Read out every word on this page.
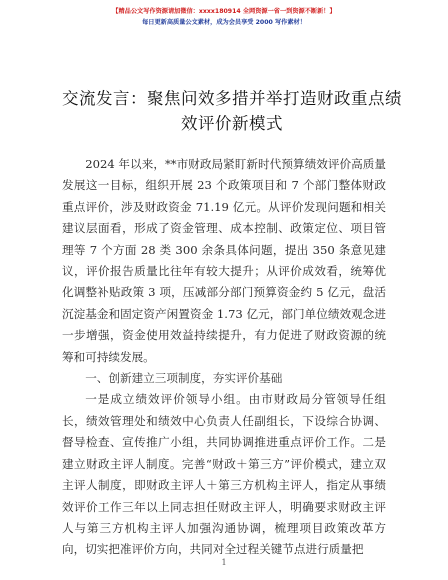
【精品公文写作资源请加微信：xxxx180914 全网资源一省一到资源不断新！】
每日更新高质量公文素材，成为会员享受 2000 写作素材！
交流发言：聚焦问效多措并举打造财政重点绩效评价新模式

2024 年以来，**市财政局紧盯新时代预算绩效评价高质量发展这一目标，组织开展 23 个政策项目和 7 个部门整体财政重点评价，涉及财政资金 71.19 亿元。从评价发现问题和相关建议层面看，形成了资金管理、成本控制、政策定位、项目管理等 7 个方面 28 类 300 余条具体问题，提出 350 条意见建议，评价报告质量比往年有较大提升；从评价成效看，统筹优化调整补贴政策 3 项，压减部分部门预算资金约 5 亿元，盘活沉淀基金和固定资产闲置资金 1.73 亿元，部门单位绩效观念进一步增强，资金使用效益持续提升，有力促进了财政资源的统筹和可持续发展。

一、创新建立三项制度，夯实评价基础

一是成立绩效评价领导小组。由市财政局分管领导任组长，绩效管理处和绩效中心负责人任副组长，下设综合协调、督导检查、宣传推广小组，共同协调推进重点评价工作。二是建立财政主评人制度。完善“财政＋第三方”评价模式，建立双主评人制度，即财政主评人＋第三方机构主评人，指定从事绩效评价工作三年以上同志担任财政主评人，明确要求财政主评人与第三方机构主评人加强沟通协调，梳理项目政策改革方向，切实把准评价方向，共同对全过程关键节点进行质量把

1
